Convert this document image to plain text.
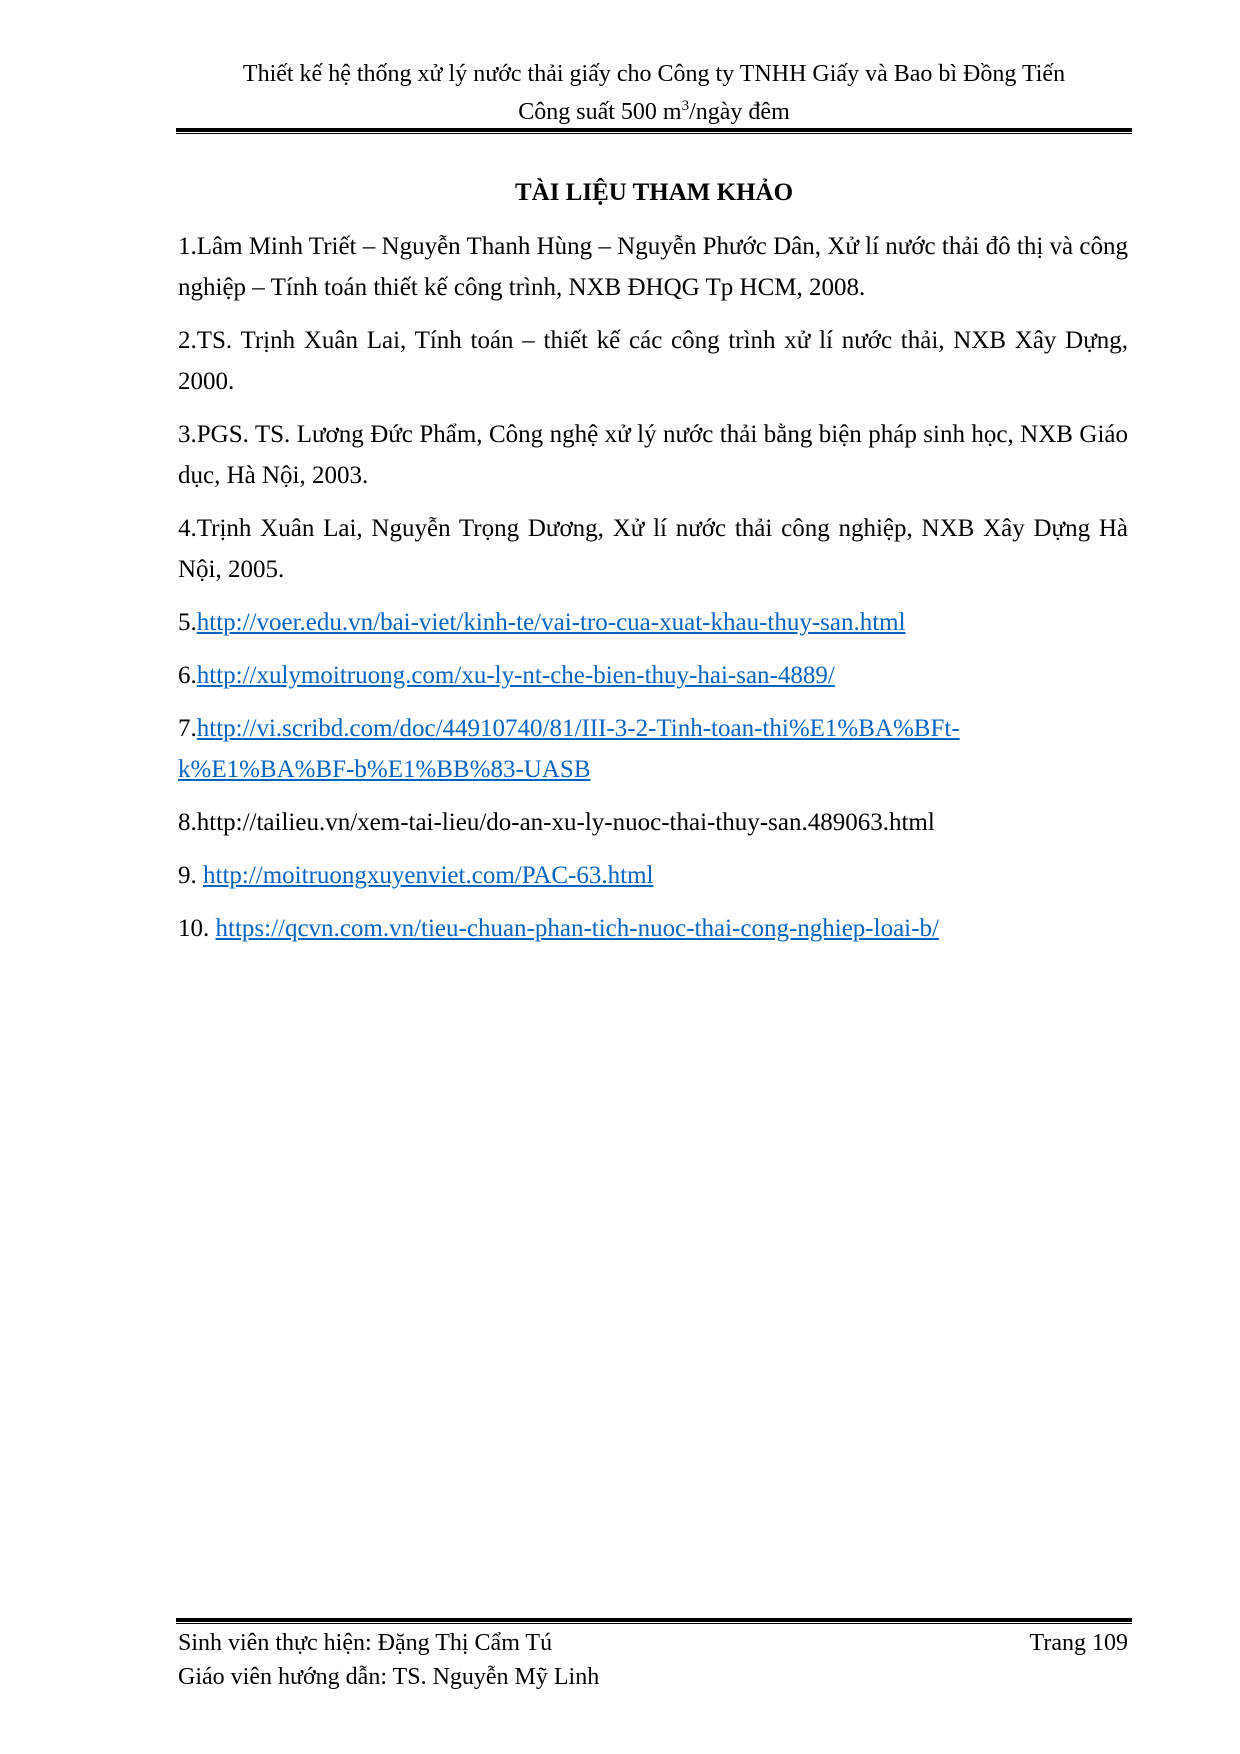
Thiết kế hệ thống xử lý nước thải giấy cho Công ty TNHH Giấy và Bao bì Đồng Tiến
Công suất 500 $m^3$/ngày đêm
TÀI LIỆU THAM KHẢO

1.Lâm Minh Triết – Nguyễn Thanh Hùng – Nguyễn Phước Dân, Xử lí nước thải đô thị và công nghiệp – Tính toán thiết kế công trình, NXB ĐHQG Tp HCM, 2008.

2.TS. Trịnh Xuân Lai, Tính toán – thiết kế các công trình xử lí nước thải, NXB Xây Dựng, 2000.

3.PGS. TS. Lương Đức Phẩm, Công nghệ xử lý nước thải bằng biện pháp sinh học, NXB Giáo dục, Hà Nội, 2003.

4.Trịnh Xuân Lai, Nguyễn Trọng Dương, Xử lí nước thải công nghiệp, NXB Xây Dựng Hà Nội, 2005.

5.http://voer.edu.vn/bai-viet/kinh-te/vai-tro-cua-xuat-khau-thuy-san.html

6.http://xulymoitruong.com/xu-ly-nt-che-bien-thuy-hai-san-4889/

7.http://vi.scribd.com/doc/44910740/81/III-3-2-Tinh-toan-thi%E1%BA%BFt-k%E1%BA%BF-b%E1%BB%83-UASB

8.http://tailieu.vn/xem-tai-lieu/do-an-xu-ly-nuoc-thai-thuy-san.489063.html

9. http://moitruongxuyenviet.com/PAC-63.html

10. https://qcvn.com.vn/tieu-chuan-phan-tich-nuoc-thai-cong-nghiep-loai-b/

Sinh viên thực hiện: Đặng Thị Cẩm Tú	Trang 109
Giáo viên hướng dẫn: TS. Nguyễn Mỹ Linh
